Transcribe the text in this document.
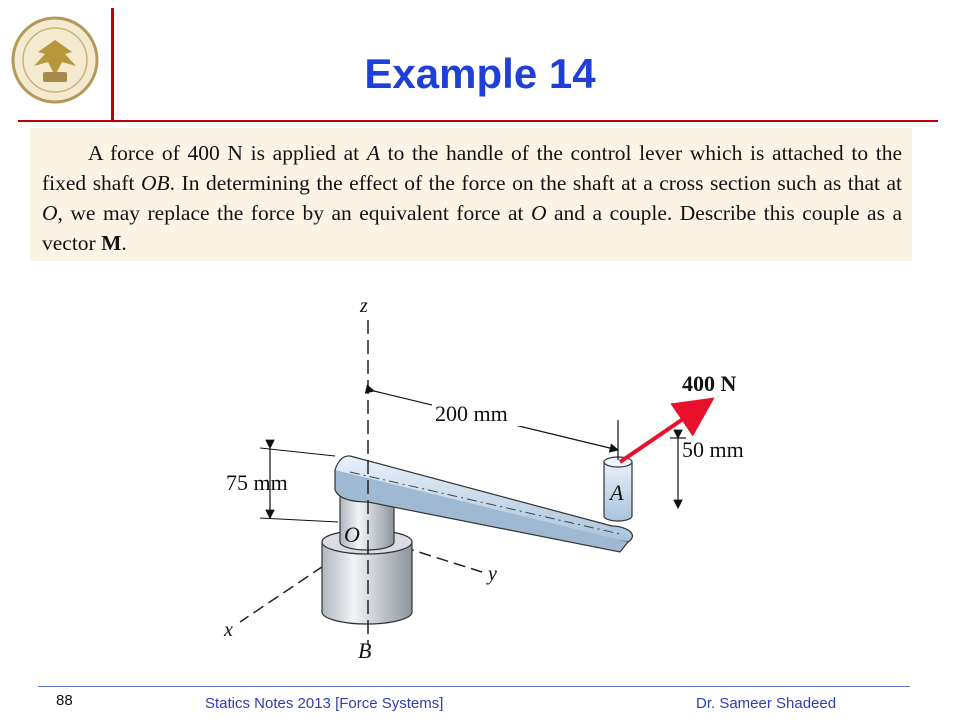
Example 14

A force of 400 N is applied at A to the handle of the control lever which is attached to the fixed shaft OB. In determining the effect of the force on the shaft at a cross section such as that at O, we may replace the force by an equivalent force at O and a couple. Describe this couple as a vector M.

200 mm
50 mm
75 mm
400 N
z
y
x
A
O
B
88	Statics Notes 2013 [Force Systems]	Dr. Sameer Shadeed
